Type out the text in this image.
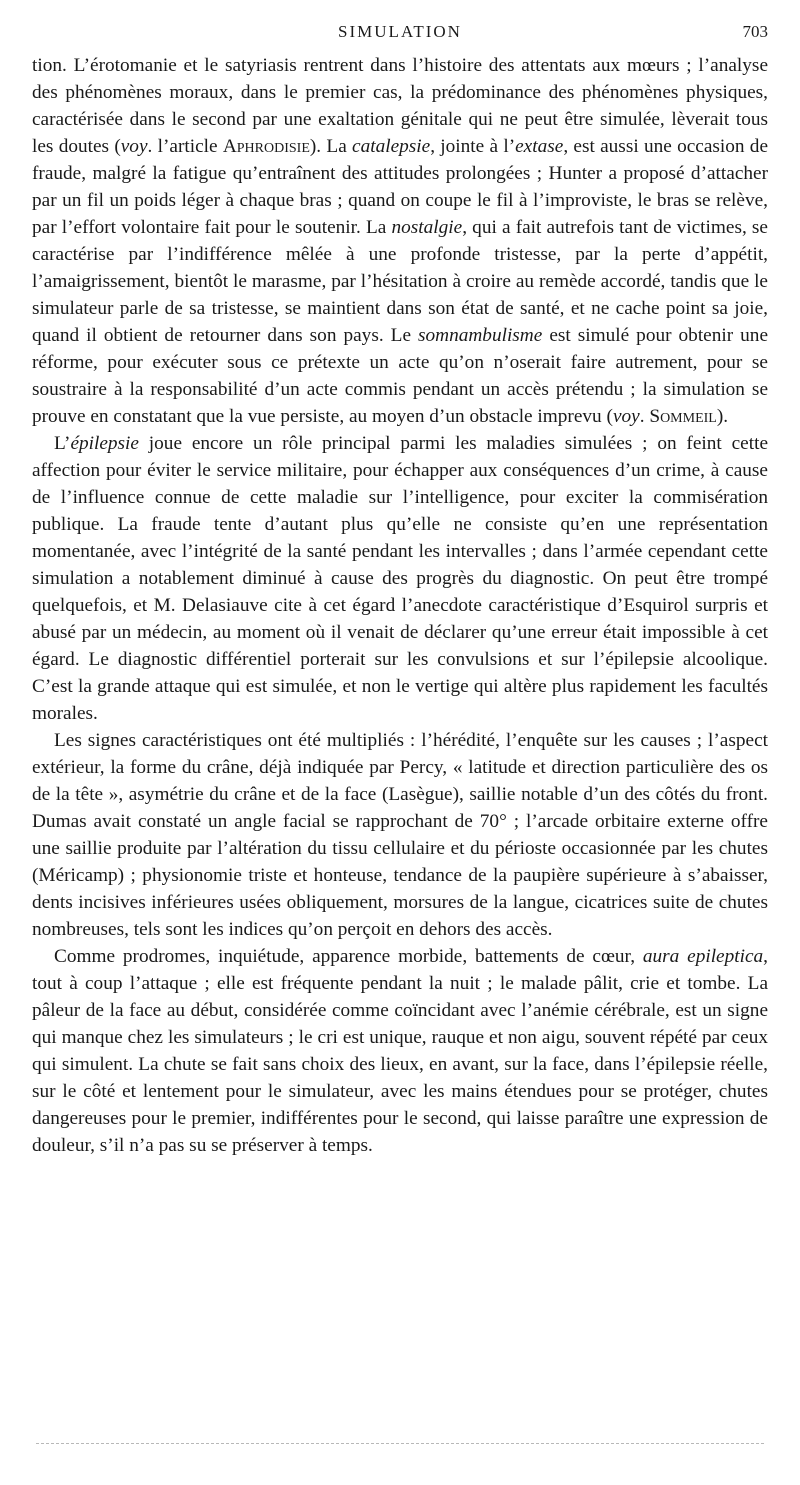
SIMULATION	703

tion. L’érotomanie et le satyriasis rentrent dans l’histoire des attentats aux mœurs ; l’analyse des phénomènes moraux, dans le premier cas, la prédominance des phénomènes physiques, caractérisée dans le second par une exaltation génitale qui ne peut être simulée, lèverait tous les doutes (voy. l’article Aphrodisie). La catalepsie, jointe à l’extase, est aussi une occasion de fraude, malgré la fatigue qu’entraînent des attitudes prolongées ; Hunter a proposé d’attacher par un fil un poids léger à chaque bras ; quand on coupe le fil à l’improviste, le bras se relève, par l’effort volontaire fait pour le soutenir. La nostalgie, qui a fait autrefois tant de victimes, se caractérise par l’indifférence mêlée à une profonde tristesse, par la perte d’appétit, l’amaigrissement, bientôt le marasme, par l’hésitation à croire au remède accordé, tandis que le simulateur parle de sa tristesse, se maintient dans son état de santé, et ne cache point sa joie, quand il obtient de retourner dans son pays. Le somnambulisme est simulé pour obtenir une réforme, pour exécuter sous ce prétexte un acte qu’on n’oserait faire autrement, pour se soustraire à la responsabilité d’un acte commis pendant un accès prétendu ; la simulation se prouve en constatant que la vue persiste, au moyen d’un obstacle imprevu (voy. Sommeil).

L’épilepsie joue encore un rôle principal parmi les maladies simulées ; on feint cette affection pour éviter le service militaire, pour échapper aux conséquences d’un crime, à cause de l’influence connue de cette maladie sur l’intelligence, pour exciter la commisération publique. La fraude tente d’autant plus qu’elle ne consiste qu’en une représentation momentanée, avec l’intégrité de la santé pendant les intervalles ; dans l’armée cependant cette simulation a notablement diminué à cause des progrès du diagnostic. On peut être trompé quelquefois, et M. Delasiauve cite à cet égard l’anecdote caractéristique d’Esquirol surpris et abusé par un médecin, au moment où il venait de déclarer qu’une erreur était impossible à cet égard. Le diagnostic différentiel porterait sur les convulsions et sur l’épilepsie alcoolique. C’est la grande attaque qui est simulée, et non le vertige qui altère plus rapidement les facultés morales.

Les signes caractéristiques ont été multipliés : l’hérédité, l’enquête sur les causes ; l’aspect extérieur, la forme du crâne, déjà indiquée par Percy, « latitude et direction particulière des os de la tête », asymétrie du crâne et de la face (Lasègue), saillie notable d’un des côtés du front. Dumas avait constaté un angle facial se rapprochant de 70° ; l’arcade orbitaire externe offre une saillie produite par l’altération du tissu cellulaire et du périoste occasionnée par les chutes (Méricamp) ; physionomie triste et honteuse, tendance de la paupière supérieure à s’abaisser, dents incisives inférieures usées obliquement, morsures de la langue, cicatrices suite de chutes nombreuses, tels sont les indices qu’on perçoit en dehors des accès.

Comme prodromes, inquiétude, apparence morbide, battements de cœur, aura epileptica, tout à coup l’attaque ; elle est fréquente pendant la nuit ; le malade pâlit, crie et tombe. La pâleur de la face au début, considérée comme coïncidant avec l’anémie cérébrale, est un signe qui manque chez les simulateurs ; le cri est unique, rauque et non aigu, souvent répété par ceux qui simulent. La chute se fait sans choix des lieux, en avant, sur la face, dans l’épilepsie réelle, sur le côté et lentement pour le simulateur, avec les mains étendues pour se protéger, chutes dangereuses pour le premier, indifférentes pour le second, qui laisse paraître une expression de douleur, s’il n’a pas su se préserver à temps.
